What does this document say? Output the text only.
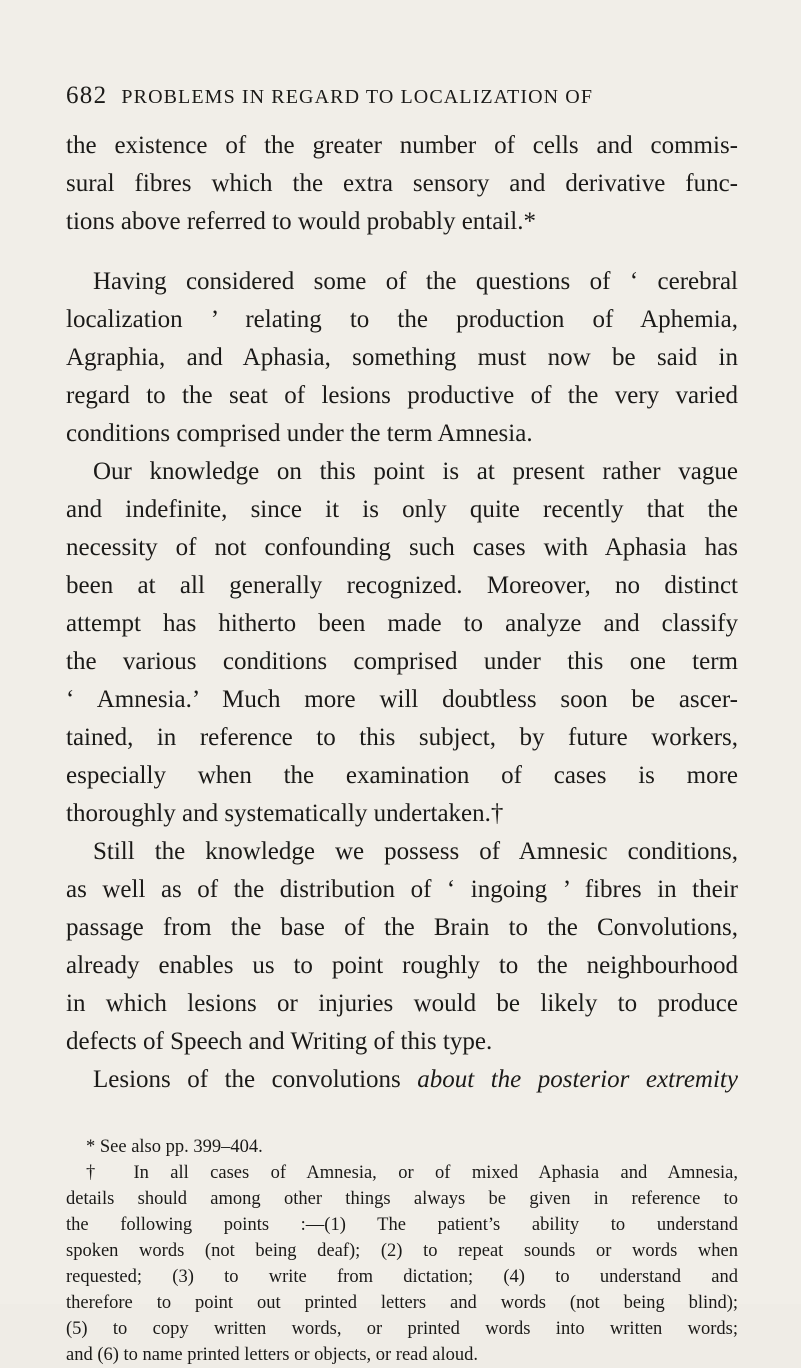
682 PROBLEMS IN REGARD TO LOCALIZATION OF
the existence of the greater number of cells and commis-
sural fibres which the extra sensory and derivative func-
tions above referred to would probably entail.*
Having considered some of the questions of ‘ cerebral
localization ’ relating to the production of Aphemia,
Agraphia, and Aphasia, something must now be said in
regard to the seat of lesions productive of the very varied
conditions comprised under the term Amnesia.
Our knowledge on this point is at present rather vague
and indefinite, since it is only quite recently that the
necessity of not confounding such cases with Aphasia has
been at all generally recognized. Moreover, no distinct
attempt has hitherto been made to analyze and classify
the various conditions comprised under this one term
‘ Amnesia.’ Much more will doubtless soon be ascer-
tained, in reference to this subject, by future workers,
especially when the examination of cases is more
thoroughly and systematically undertaken.†
Still the knowledge we possess of Amnesic conditions,
as well as of the distribution of ‘ ingoing ’ fibres in their
passage from the base of the Brain to the Convolutions,
already enables us to point roughly to the neighbourhood
in which lesions or injuries would be likely to produce
defects of Speech and Writing of this type.
Lesions of the convolutions about the posterior extremity
* See also pp. 399–404.
† In all cases of Amnesia, or of mixed Aphasia and Amnesia,
details should among other things always be given in reference to
the following points :—(1) The patient’s ability to understand
spoken words (not being deaf); (2) to repeat sounds or words when
requested; (3) to write from dictation; (4) to understand and
therefore to point out printed letters and words (not being blind);
(5) to copy written words, or printed words into written words;
and (6) to name printed letters or objects, or read aloud.
